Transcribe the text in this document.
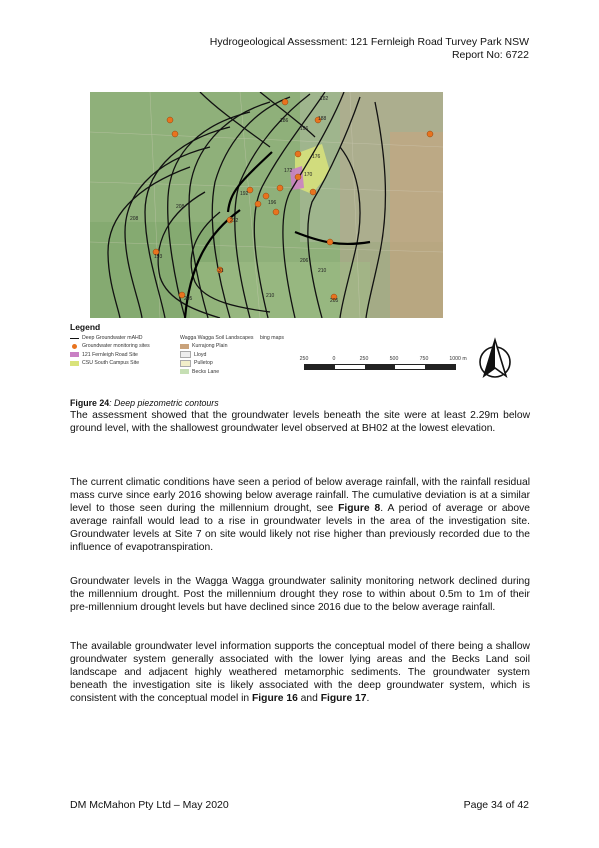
Hydrogeological Assessment: 121 Fernleigh Road Turvey Park NSW
Report No: 6722
182
188
196
186
176
172
170
208
208
212
192
196
206
210
205
210
31
193
205
Legend
Deep Groundwater mAHD
Groundwater monitoring sites
121 Fernleigh Road Site
CSU South Campus Site
Wagga Wagga Soil Landscapes
Kurrajong Plain
Lloyd
Pulletop
Becks Lane
bing maps
250	0	250	500	750	1000 m
Figure 24: Deep piezometric contours

The assessment showed that the groundwater levels beneath the site were at least 2.29m below ground level, with the shallowest groundwater level observed at BH02 at the lowest elevation.

The current climatic conditions have seen a period of below average rainfall, with the rainfall residual mass curve since early 2016 showing below average rainfall. The cumulative deviation is at a similar level to those seen during the millennium drought, see Figure 8. A period of average or above average rainfall would lead to a rise in groundwater levels in the area of the investigation site. Groundwater levels at Site 7 on site would likely not rise higher than previously recorded due to the influence of evapotranspiration.

Groundwater levels in the Wagga Wagga groundwater salinity monitoring network declined during the millennium drought. Post the millennium drought they rose to within about 0.5m to 1m of their pre-millennium drought levels but have declined since 2016 due to the below average rainfall.

The available groundwater level information supports the conceptual model of there being a shallow groundwater system generally associated with the lower lying areas and the Becks Land soil landscape and adjacent highly weathered metamorphic sediments. The groundwater system beneath the investigation site is likely associated with the deep groundwater system, which is consistent with the conceptual model in Figure 16 and Figure 17.

DM McMahon Pty Ltd – May 2020	Page 34 of 42
